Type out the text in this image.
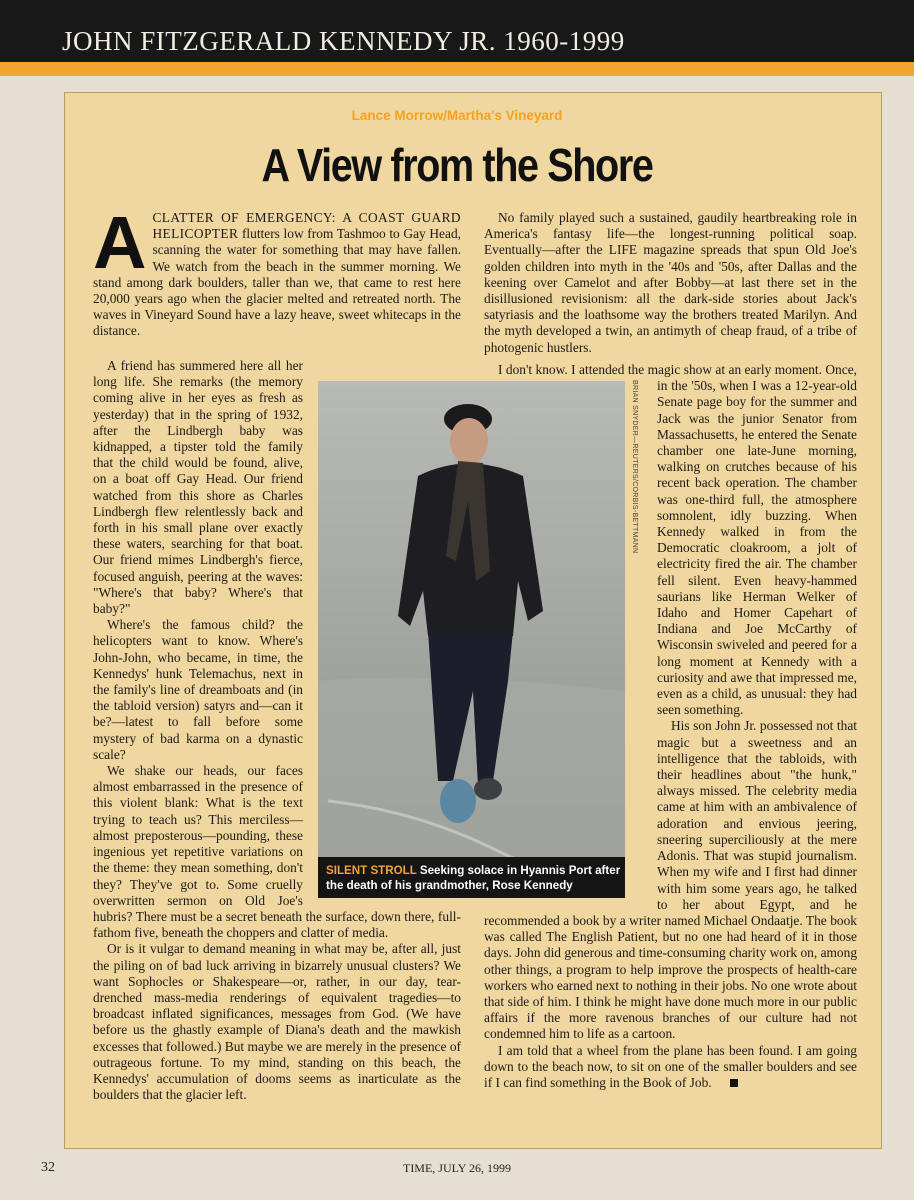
JOHN FITZGERALD KENNEDY JR. 1960-1999
Lance Morrow/Martha's Vineyard
A View from the Shore

A CLATTER OF EMERGENCY: A COAST GUARD HELICOPTER flutters low from Tashmoo to Gay Head, scanning the water for something that may have fallen. We watch from the beach in the summer morning. We stand among dark boulders, taller than we, that came to rest here 20,000 years ago when the glacier melted and retreated north. The waves in Vineyard Sound have a lazy heave, sweet whitecaps in the distance.

A friend has summered here all her long life. She remarks (the memory coming alive in her eyes as fresh as yesterday) that in the spring of 1932, after the Lindbergh baby was kidnapped, a tipster told the family that the child would be found, alive, on a boat off Gay Head. Our friend watched from this shore as Charles Lindbergh flew relentlessly back and forth in his small plane over exactly these waters, searching for that boat. Our friend mimes Lindbergh's fierce, focused anguish, peering at the waves: "Where's that baby? Where's that baby?"

Where's the famous child? the helicopters want to know. Where's John-John, who became, in time, the Kennedys' hunk Telemachus, next in the family's line of dreamboats and (in the tabloid version) satyrs and—can it be?—latest to fall before some mystery of bad karma on a dynastic scale?

We shake our heads, our faces almost embarrassed in the presence of this violent blank: What is the text trying to teach us? This merciless—almost preposterous—pounding, these ingenious yet repetitive variations on the theme: they mean something, don't they? They've got to. Some cruelly overwritten sermon on Old Joe's hubris? There must be a secret beneath the surface, down there, full-fathom five, beneath the choppers and clatter of media.

Or is it vulgar to demand meaning in what may be, after all, just the piling on of bad luck arriving in bizarrely unusual clusters? We want Sophocles or Shakespeare—or, rather, in our day, tear-drenched mass-media renderings of equivalent tragedies—to broadcast inflated significances, messages from God. (We have before us the ghastly example of Diana's death and the mawkish excesses that followed.) But maybe we are merely in the presence of outrageous fortune. To my mind, standing on this beach, the Kennedys' accumulation of dooms seems as inarticulate as the boulders that the glacier left.

No family played such a sustained, gaudily heartbreaking role in America's fantasy life—the longest-running political soap. Eventually—after the LIFE magazine spreads that spun Old Joe's golden children into myth in the '40s and '50s, after Dallas and the keening over Camelot and after Bobby—at last there set in the disillusioned revisionism: all the dark-side stories about Jack's satyriasis and the loathsome way the brothers treated Marilyn. And the myth developed a twin, an antimyth of cheap fraud, of a tribe of photogenic hustlers.

I don't know. I attended the magic show at an early moment. Once, in the '50s, when I was a 12-year-old Senate page boy for the summer and Jack was the junior Senator from Massachusetts, he entered the Senate chamber one late-June morning, walking on crutches because of his recent back operation. The chamber was one-third full, the atmosphere somnolent, idly buzzing. When Kennedy walked in from the Democratic cloakroom, a jolt of electricity fired the air. The chamber fell silent. Even heavy-hammed saurians like Herman Welker of Idaho and Homer Capehart of Indiana and Joe McCarthy of Wisconsin swiveled and peered for a long moment at Kennedy with a curiosity and awe that impressed me, even as a child, as unusual: they had seen something.

His son John Jr. possessed not that magic but a sweetness and an intelligence that the tabloids, with their headlines about "the hunk," always missed. The celebrity media came at him with an ambivalence of adoration and envious jeering, sneering superciliously at the mere Adonis. That was stupid journalism. When my wife and I first had dinner with him some years ago, he talked to her about Egypt, and he recommended a book by a writer named Michael Ondaatje. The book was called The English Patient, but no one had heard of it in those days. John did generous and time-consuming charity work on, among other things, a program to help improve the prospects of health-care workers who earned next to nothing in their jobs. No one wrote about that side of him. I think he might have done much more in our public affairs if the more ravenous branches of our culture had not condemned him to life as a cartoon.

I am told that a wheel from the plane has been found. I am going down to the beach now, to sit on one of the smaller boulders and see if I can find something in the Book of Job.

SILENT STROLL Seeking solace in Hyannis Port after the death of his grandmother, Rose Kennedy
BRIAN SNYDER—REUTERS/CORBIS-BETTMANN
32	TIME, JULY 26, 1999
